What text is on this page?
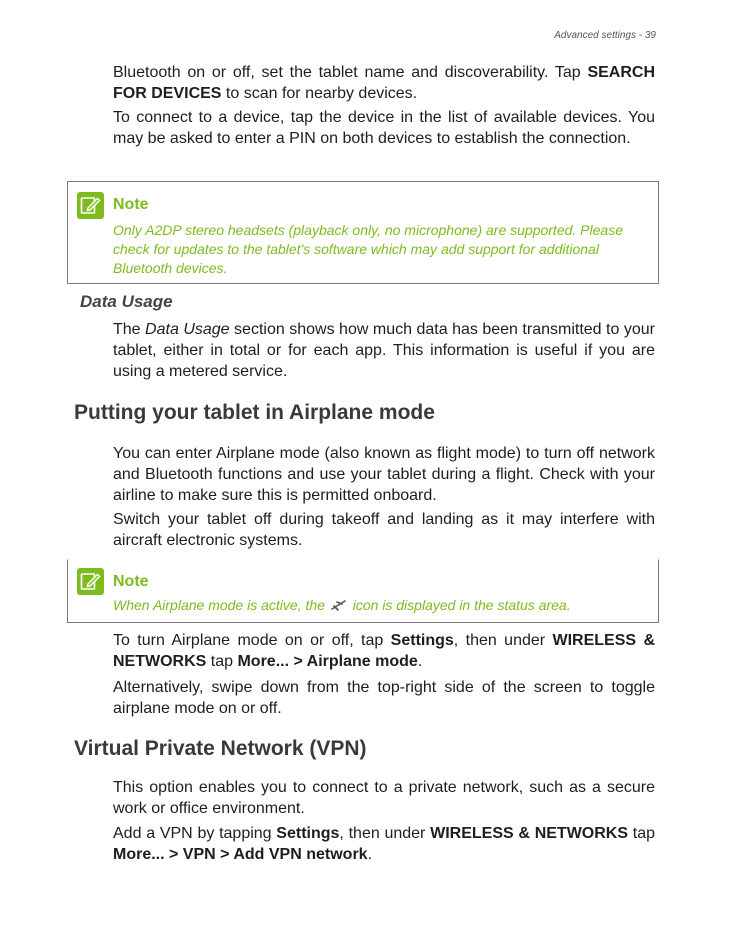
Advanced settings - 39

Bluetooth on or off, set the tablet name and discoverability. Tap SEARCH FOR DEVICES to scan for nearby devices.

To connect to a device, tap the device in the list of available devices. You may be asked to enter a PIN on both devices to establish the connection.

Note

Only A2DP stereo headsets (playback only, no microphone) are supported. Please check for updates to the tablet's software which may add support for additional Bluetooth devices.

Data Usage

The Data Usage section shows how much data has been transmitted to your tablet, either in total or for each app. This information is useful if you are using a metered service.

Putting your tablet in Airplane mode

You can enter Airplane mode (also known as flight mode) to turn off network and Bluetooth functions and use your tablet during a flight. Check with your airline to make sure this is permitted onboard.

Switch your tablet off during takeoff and landing as it may interfere with aircraft electronic systems.

Note

When Airplane mode is active, the  icon is displayed in the status area.

To turn Airplane mode on or off, tap Settings, then under WIRELESS & NETWORKS tap More... > Airplane mode.

Alternatively, swipe down from the top-right side of the screen to toggle airplane mode on or off.

Virtual Private Network (VPN)

This option enables you to connect to a private network, such as a secure work or office environment.

Add a VPN by tapping Settings, then under WIRELESS & NETWORKS tap More... > VPN > Add VPN network.
